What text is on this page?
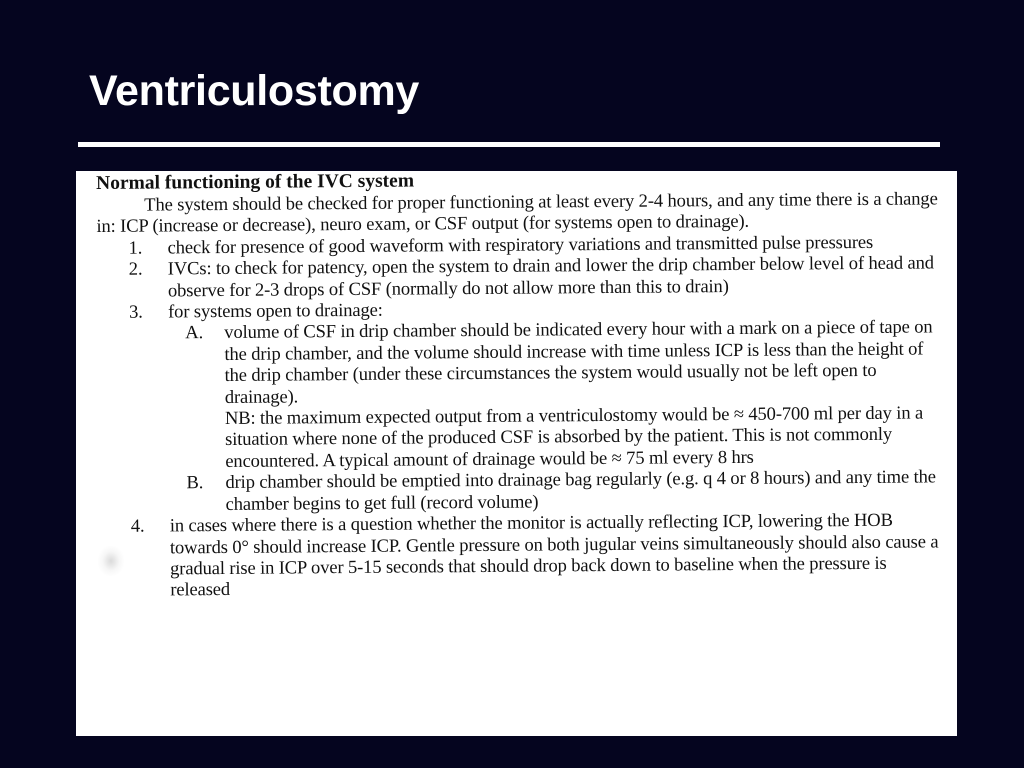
Ventriculostomy

Normal functioning of the IVC system

The system should be checked for proper functioning at least every 2-4 hours, and any time there is a change in: ICP (increase or decrease), neuro exam, or CSF output (for systems open to drainage).

1. check for presence of good waveform with respiratory variations and transmitted pulse pressures
2. IVCs: to check for patency, open the system to drain and lower the drip chamber below level of head and observe for 2-3 drops of CSF (normally do not allow more than this to drain)
3. for systems open to drainage:
A. volume of CSF in drip chamber should be indicated every hour with a mark on a piece of tape on the drip chamber, and the volume should increase with time unless ICP is less than the height of the drip chamber (under these circumstances the system would usually not be left open to drainage).

NB: the maximum expected output from a ventriculostomy would be ≈ 450-700 ml per day in a situation where none of the produced CSF is absorbed by the patient. This is not commonly encountered. A typical amount of drainage would be ≈ 75 ml every 8 hrs

B. drip chamber should be emptied into drainage bag regularly (e.g. q 4 or 8 hours) and any time the chamber begins to get full (record volume)
4. in cases where there is a question whether the monitor is actually reflecting ICP, lowering the HOB towards 0° should increase ICP. Gentle pressure on both jugular veins simultaneously should also cause a gradual rise in ICP over 5-15 seconds that should drop back down to baseline when the pressure is released
